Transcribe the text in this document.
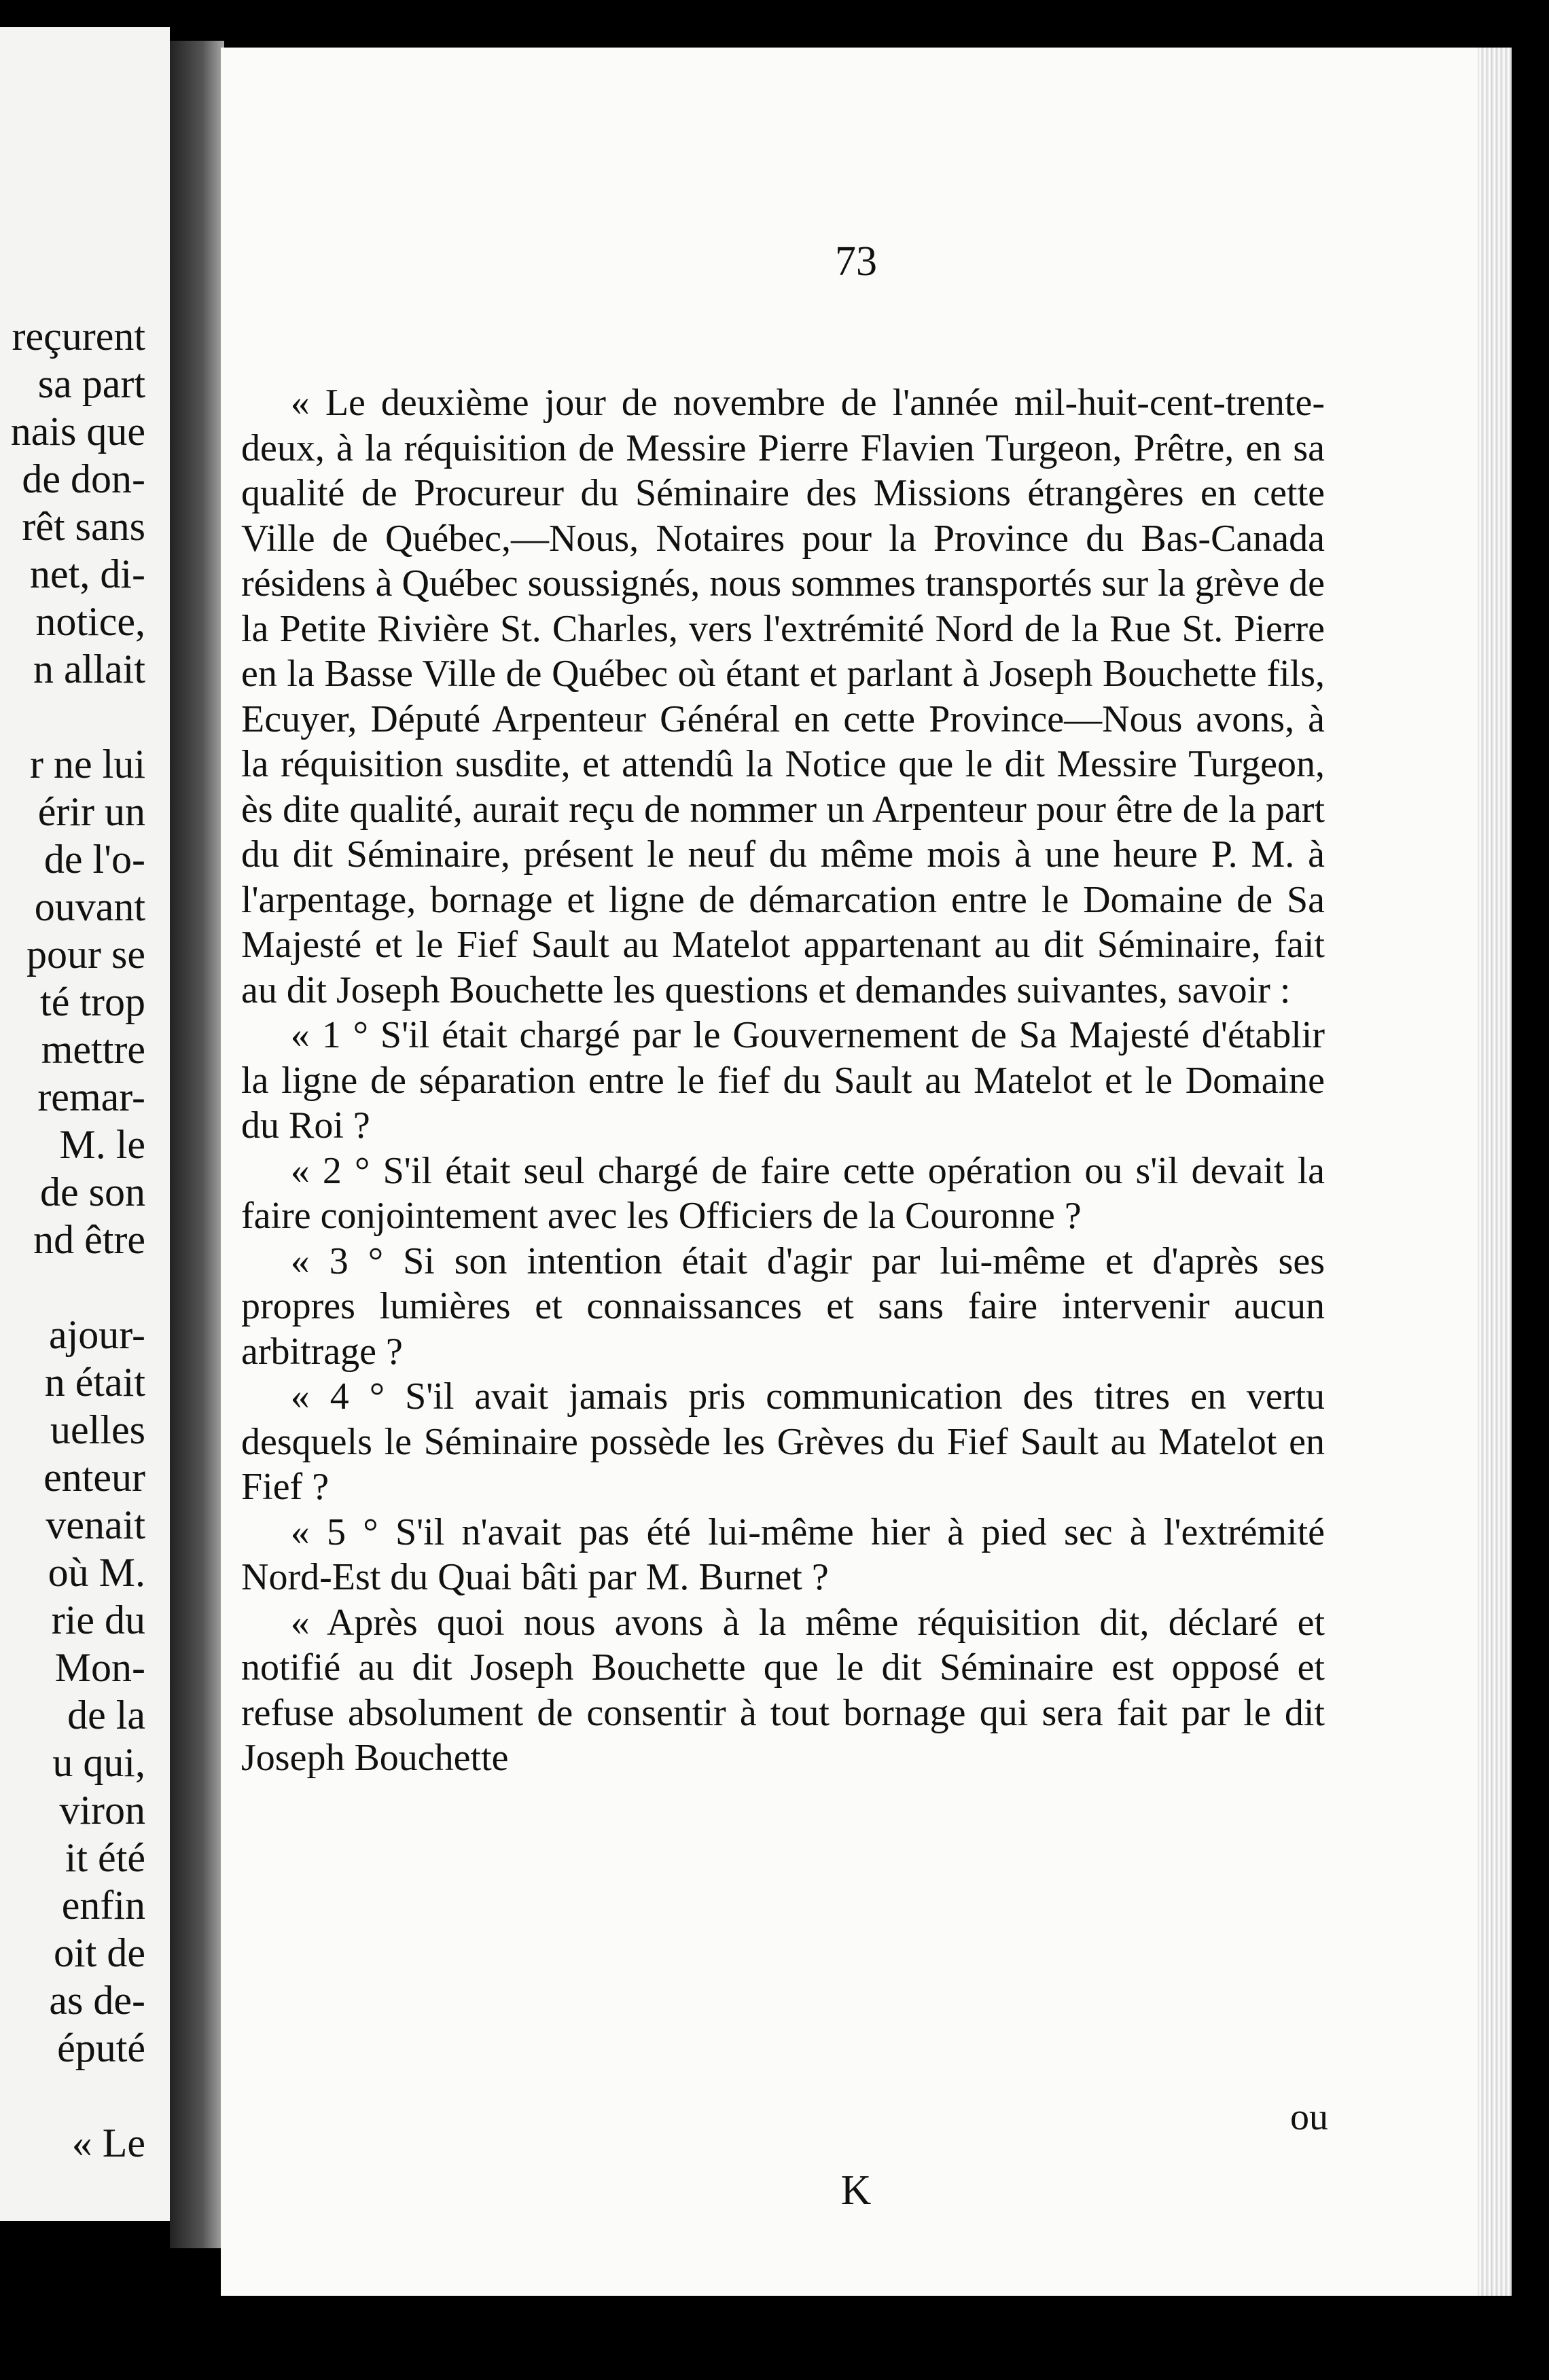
reçurent
sa part
nais que
de don-
rêt sans
net, di-
notice,
n allait
r ne lui
érir un
de l'o-
ouvant
pour se
té trop
mettre
remar-
M. le
de son
nd être
ajour-
n était
uelles
enteur
venait
où M.
rie du
Mon-
de la
u qui,
viron
it été
enfin
oit de
as de-
éputé
« Le
73

« Le deuxième jour de novembre de l'année mil-huit-cent-trente-deux, à la réquisition de Messire Pierre Flavien Turgeon, Prêtre, en sa qualité de Procureur du Séminaire des Missions étrangères en cette Ville de Québec,—Nous, Notaires pour la Province du Bas-Canada résidens à Québec soussignés, nous sommes transportés sur la grève de la Petite Rivière St. Charles, vers l'extrémité Nord de la Rue St. Pierre en la Basse Ville de Québec où étant et parlant à Joseph Bouchette fils, Ecuyer, Député Arpenteur Général en cette Province—Nous avons, à la réquisition susdite, et attendû la Notice que le dit Messire Turgeon, ès dite qualité, aurait reçu de nommer un Arpenteur pour être de la part du dit Séminaire, présent le neuf du même mois à une heure P. M. à l'arpentage, bornage et ligne de démarcation entre le Domaine de Sa Majesté et le Fief Sault au Matelot appartenant au dit Séminaire, fait au dit Joseph Bouchette les questions et demandes suivantes, savoir :

« 1 ° S'il était chargé par le Gouvernement de Sa Majesté d'établir la ligne de séparation entre le fief du Sault au Matelot et le Domaine du Roi ?

« 2 ° S'il était seul chargé de faire cette opération ou s'il devait la faire conjointement avec les Officiers de la Couronne ?

« 3 ° Si son intention était d'agir par lui-même et d'après ses propres lumières et connaissances et sans faire intervenir aucun arbitrage ?

« 4 ° S'il avait jamais pris communication des titres en vertu desquels le Séminaire possède les Grèves du Fief Sault au Matelot en Fief ?

« 5 ° S'il n'avait pas été lui-même hier à pied sec à l'extrémité Nord-Est du Quai bâti par M. Burnet ?

« Après quoi nous avons à la même réquisition dit, déclaré et notifié au dit Joseph Bouchette que le dit Séminaire est opposé et refuse absolument de consentir à tout bornage qui sera fait par le dit Joseph Bouchette

ou
K
